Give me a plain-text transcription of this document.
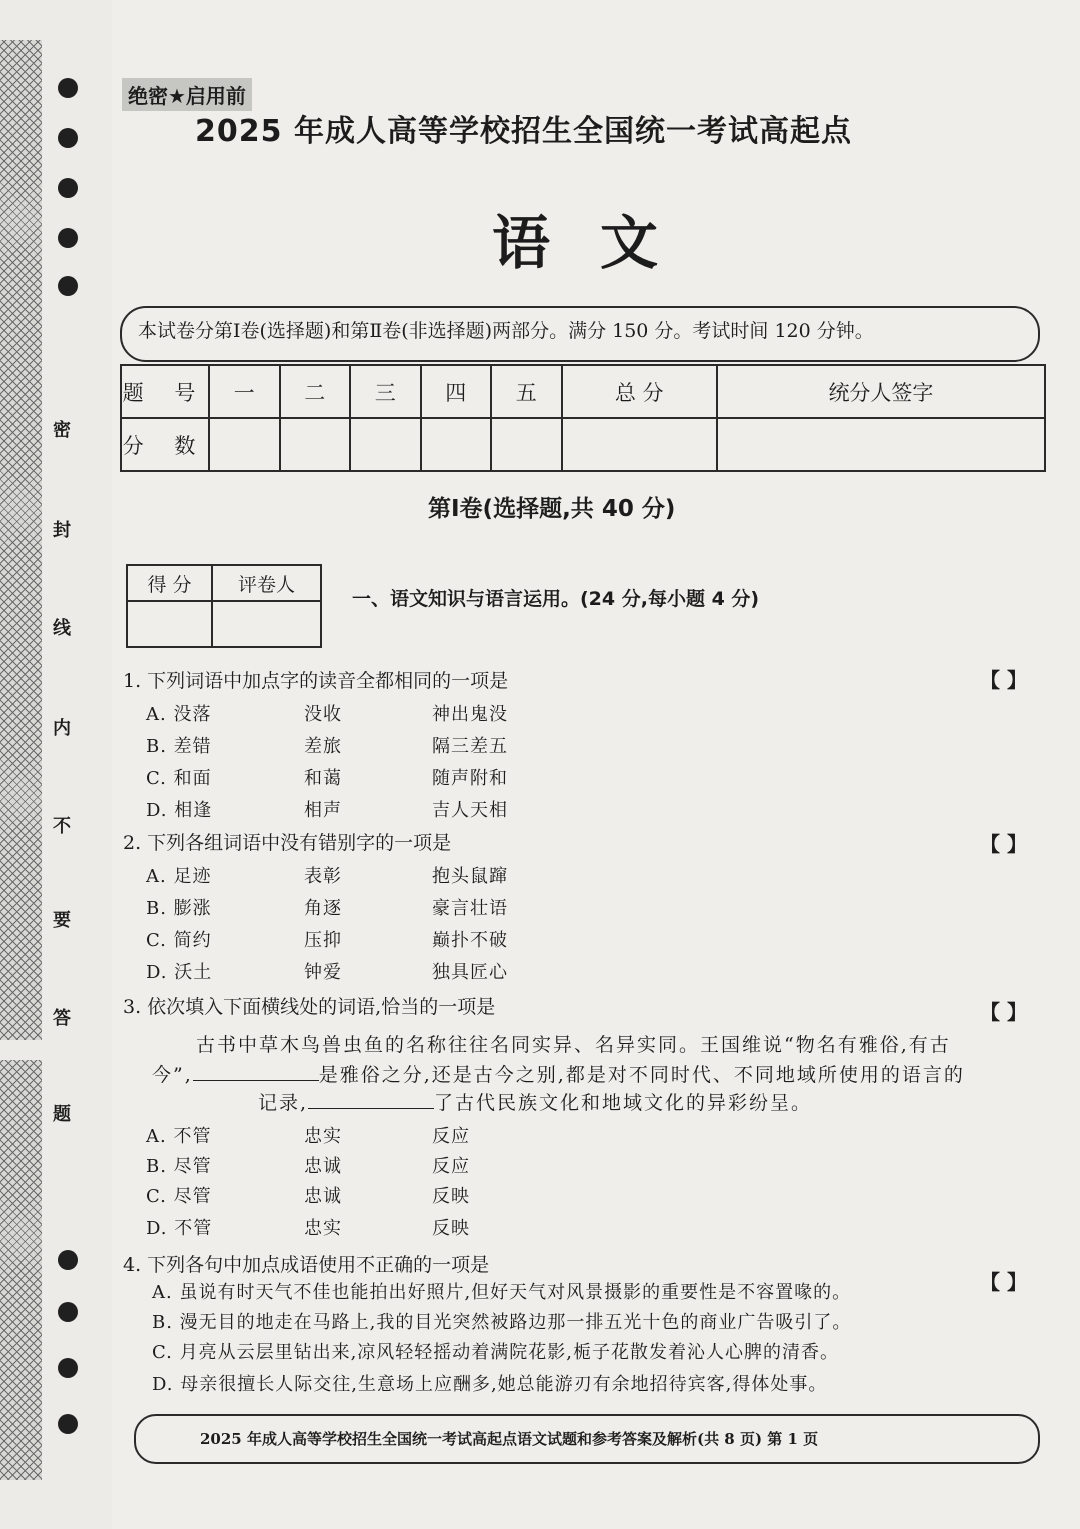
密
封
线
内
不
要
答
题
绝密★启用前
2025 年成人高等学校招生全国统一考试高起点
语文
本试卷分第Ⅰ卷(选择题)和第Ⅱ卷(非选择题)两部分。满分 150 分。考试时间 120 分钟。
题 号	一	二	三	四	五	总 分	统分人签字
分 数							
第Ⅰ卷(选择题,共 40 分)
得 分	评卷人

一、语文知识与语言运用。(24 分,每小题 4 分)
1. 下列词语中加点字的读音全都相同的一项是	【 】
A. 没落	没收	神出鬼没
B. 差错	差旅	隔三差五
C. 和面	和蔼	随声附和
D. 相逢	相声	吉人天相
2. 下列各组词语中没有错别字的一项是	【 】
A. 足迹	表彰	抱头鼠蹿
B. 膨涨	角逐	豪言壮语
C. 简约	压抑	巅扑不破
D. 沃土	钟爱	独具匠心
3. 依次填入下面横线处的词语,恰当的一项是	【 】
古书中草木鸟兽虫鱼的名称往往名同实异、名异实同。王国维说“物名有雅俗,有古
今”,	是雅俗之分,还是古今之别,都是对不同时代、不同地域所使用的语言的
记录,	了古代民族文化和地域文化的异彩纷呈。
A. 不管	忠实	反应
B. 尽管	忠诚	反应
C. 尽管	忠诚	反映
D. 不管	忠实	反映
4. 下列各句中加点成语使用不正确的一项是
【 】
A. 虽说有时天气不佳也能拍出好照片,但好天气对风景摄影的重要性是不容置喙的。
B. 漫无目的地走在马路上,我的目光突然被路边那一排五光十色的商业广告吸引了。
C. 月亮从云层里钻出来,凉风轻轻摇动着满院花影,栀子花散发着沁人心脾的清香。
D. 母亲很擅长人际交往,生意场上应酬多,她总能游刃有余地招待宾客,得体处事。
2025 年成人高等学校招生全国统一考试高起点语文试题和参考答案及解析(共 8 页) 第 1 页
